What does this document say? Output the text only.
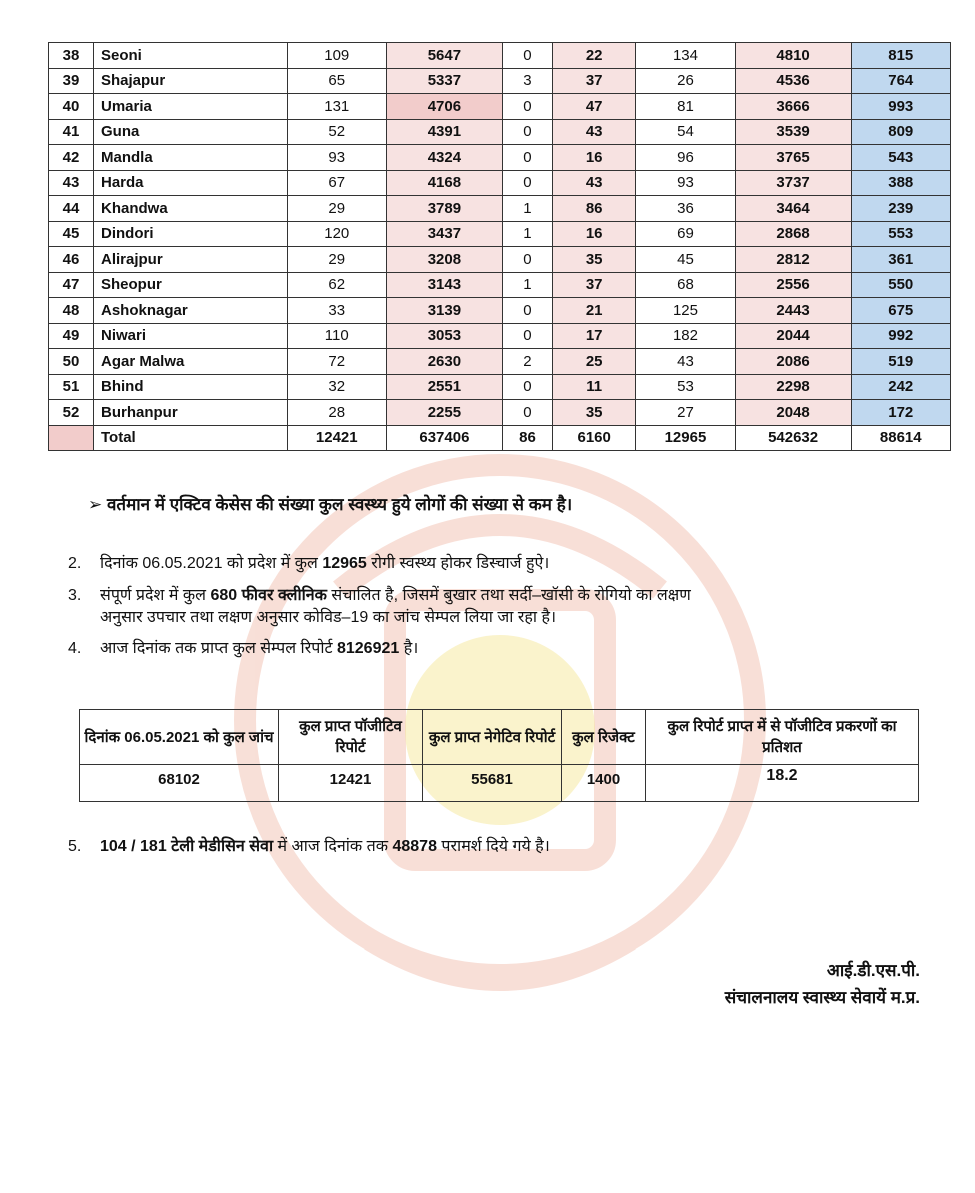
38	Seoni	109	5647	0	22	134	4810	815
39	Shajapur	65	5337	3	37	26	4536	764
40	Umaria	131	4706	0	47	81	3666	993
41	Guna	52	4391	0	43	54	3539	809
42	Mandla	93	4324	0	16	96	3765	543
43	Harda	67	4168	0	43	93	3737	388
44	Khandwa	29	3789	1	86	36	3464	239
45	Dindori	120	3437	1	16	69	2868	553
46	Alirajpur	29	3208	0	35	45	2812	361
47	Sheopur	62	3143	1	37	68	2556	550
48	Ashoknagar	33	3139	0	21	125	2443	675
49	Niwari	110	3053	0	17	182	2044	992
50	Agar Malwa	72	2630	2	25	43	2086	519
51	Bhind	32	2551	0	11	53	2298	242
52	Burhanpur	28	2255	0	35	27	2048	172
	Total	12421	637406	86	6160	12965	542632	88614
➢ वर्तमान में एक्टिव केसेस की संख्या कुल स्वस्थ्य हुये लोगों की संख्या से कम है।
2. दिनांक 06.05.2021 को प्रदेश में कुल 12965 रोगी स्वस्थ्य होकर डिस्चार्ज हुऐ।
3. संपूर्ण प्रदेश में कुल 680 फीवर क्लीनिक संचालित है, जिसमें बुखार तथा सर्दी–खॉसी के रोगियो का लक्षण
अनुसार उपचार तथा लक्षण अनुसार कोविड–19 का जांच सेम्पल लिया जा रहा है।
4. आज दिनांक तक प्राप्त कुल सेम्पल रिपोर्ट 8126921 है।
दिनांक 06.05.2021 को कुल जांच	कुल प्राप्त पॉजीटिव रिपोर्ट	कुल प्राप्त नेगेटिव रिपोर्ट	कुल रिजेक्ट	कुल रिपोर्ट प्राप्त में से पॉजीटिव प्रकरणों का प्रतिशत
68102	12421	55681	1400	18.2
5. 104 / 181 टेली मेडीसिन सेवा में आज दिनांक तक 48878 परामर्श दिये गये है।
आई.डी.एस.पी.
संचालनालय स्वास्थ्य सेवायें म.प्र.
